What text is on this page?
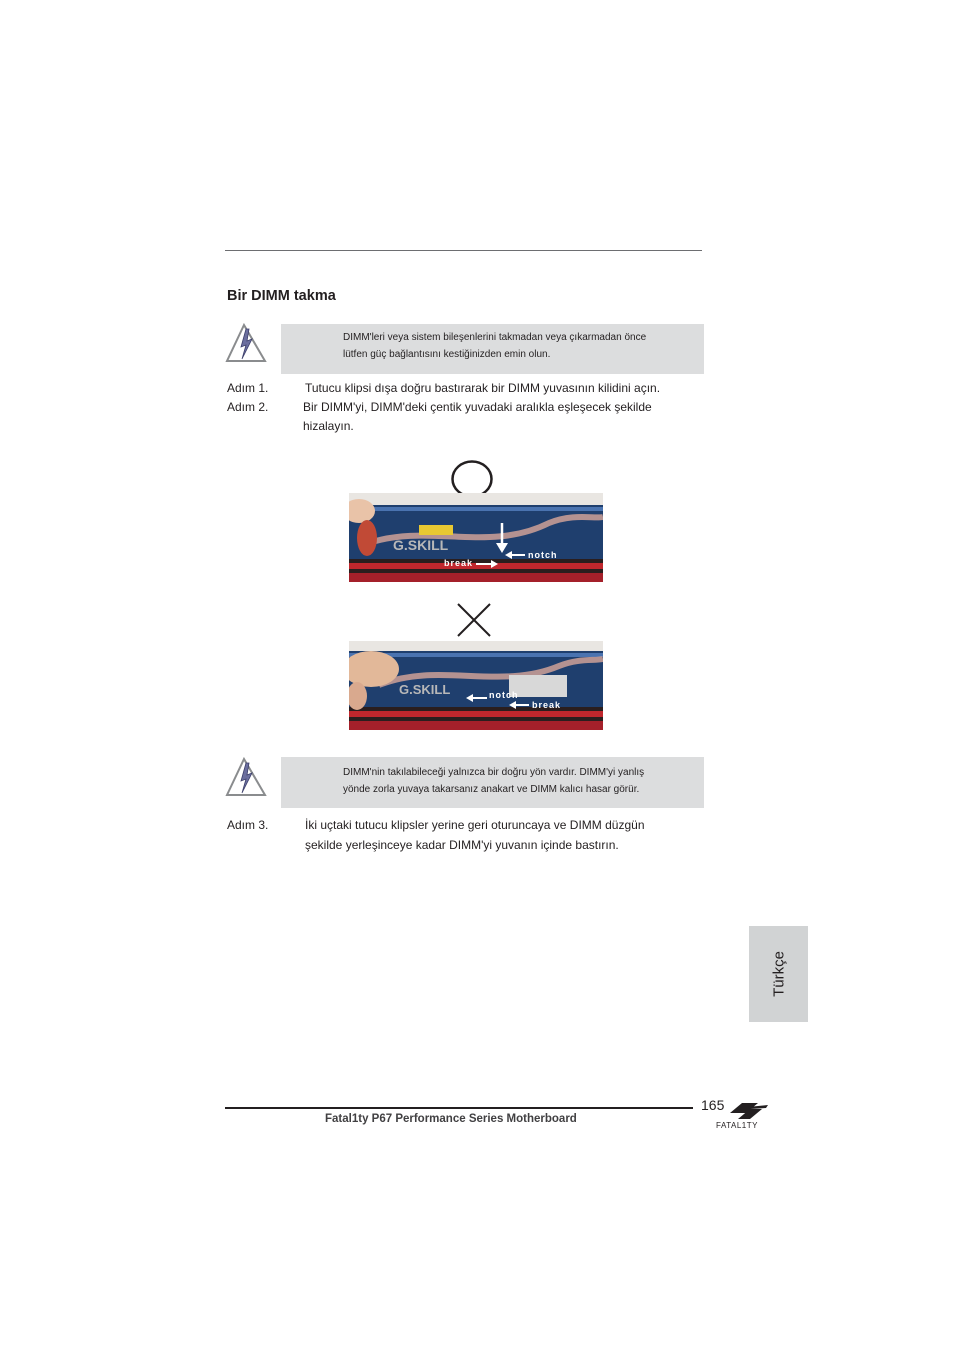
Bir DIMM takma
DIMM'leri veya sistem bileşenlerini takmadan veya çıkarmadan önce
lütfen güç bağlantısını kestiğinizden emin olun.
Adım 1.	Tutucu klipsi dışa doğru bastırarak bir DIMM yuvasının kilidini açın.
Adım 2.	Bir DIMM'yi, DIMM'deki çentik yuvadaki aralıkla eşleşecek şekilde
hizalayın.
G.SKILL
notch
break
G.SKILL	notch
break
DIMM'nin takılabileceği yalnızca bir doğru yön vardır. DIMM'yi yanlış
yönde zorla yuvaya takarsanız anakart ve DIMM kalıcı hasar görür.
Adım 3.	İki uçtaki tutucu klipsler yerine geri oturuncaya ve DIMM düzgün
şekilde yerleşinceye kadar DIMM'yi yuvanın içinde bastırın.
Türkçe
165
Fatal1ty P67 Performance Series Motherboard
FATAL1TY
